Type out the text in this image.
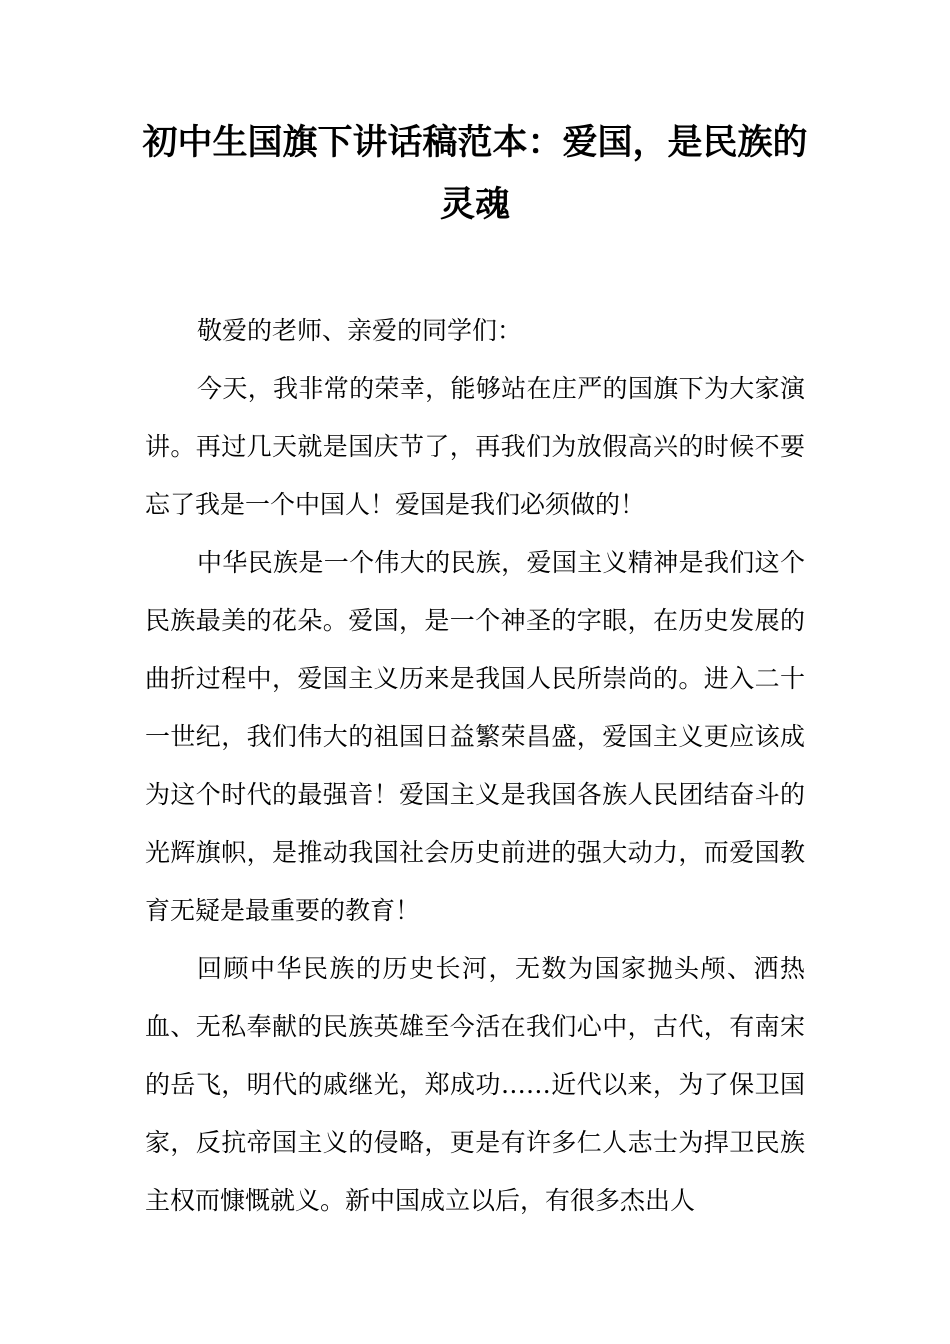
初中生国旗下讲话稿范本：爱国，是民族的灵魂

敬爱的老师、亲爱的同学们：

今天，我非常的荣幸，能够站在庄严的国旗下为大家演讲。再过几天就是国庆节了，再我们为放假高兴的时候不要忘了我是一个中国人！爱国是我们必须做的！

中华民族是一个伟大的民族，爱国主义精神是我们这个民族最美的花朵。爱国，是一个神圣的字眼，在历史发展的曲折过程中，爱国主义历来是我国人民所崇尚的。进入二十一世纪，我们伟大的祖国日益繁荣昌盛，爱国主义更应该成为这个时代的最强音！爱国主义是我国各族人民团结奋斗的光辉旗帜，是推动我国社会历史前进的强大动力，而爱国教育无疑是最重要的教育！

回顾中华民族的历史长河，无数为国家抛头颅、洒热血、无私奉献的民族英雄至今活在我们心中，古代，有南宋的岳飞，明代的戚继光，郑成功……近代以来，为了保卫国家，反抗帝国主义的侵略，更是有许多仁人志士为捍卫民族主权而慷慨就义。新中国成立以后，有很多杰出人
